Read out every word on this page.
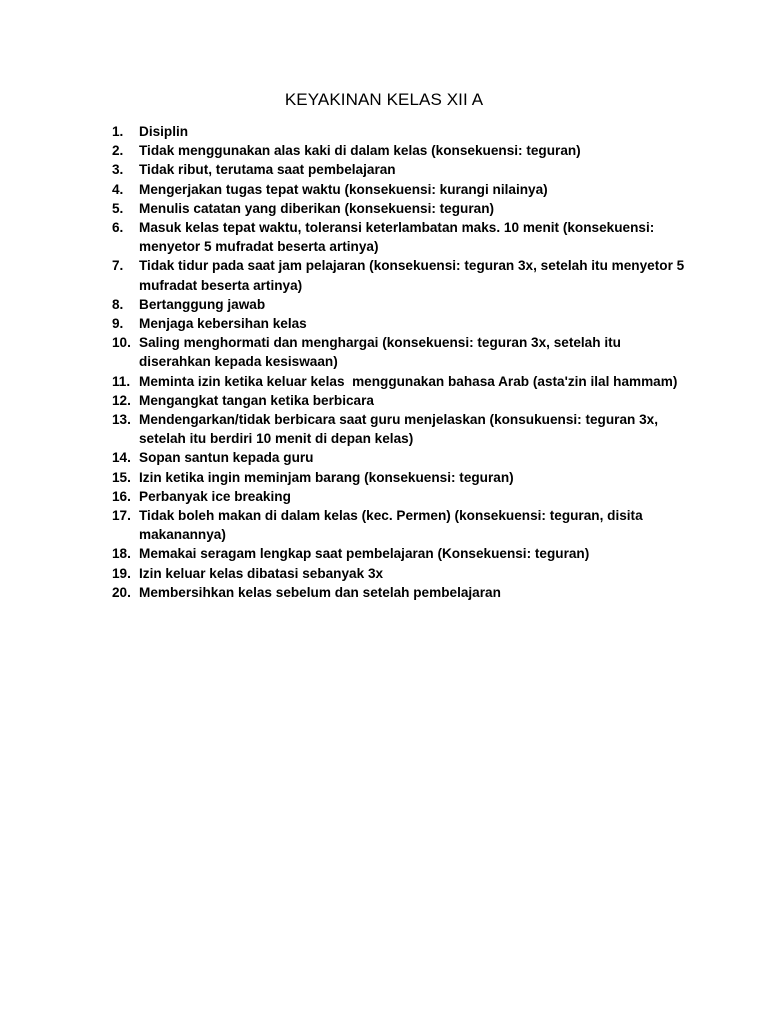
KEYAKINAN KELAS XII A
1.	Disiplin
2.	Tidak menggunakan alas kaki di dalam kelas (konsekuensi: teguran)
3.	Tidak ribut, terutama saat pembelajaran
4.	Mengerjakan tugas tepat waktu (konsekuensi: kurangi nilainya)
5.	Menulis catatan yang diberikan (konsekuensi: teguran)
6.	Masuk kelas tepat waktu, toleransi keterlambatan maks. 10 menit (konsekuensi: menyetor 5 mufradat beserta artinya)
7.	Tidak tidur pada saat jam pelajaran (konsekuensi: teguran 3x, setelah itu menyetor 5 mufradat beserta artinya)
8.	Bertanggung jawab
9.	Menjaga kebersihan kelas
10. Saling menghormati dan menghargai (konsekuensi: teguran 3x, setelah itu diserahkan kepada kesiswaan)
11. Meminta izin ketika keluar kelas  menggunakan bahasa Arab (asta'zin ilal hammam)
12. Mengangkat tangan ketika berbicara
13. Mendengarkan/tidak berbicara saat guru menjelaskan (konsukuensi: teguran 3x, setelah itu berdiri 10 menit di depan kelas)
14. Sopan santun kepada guru
15. Izin ketika ingin meminjam barang (konsekuensi: teguran)
16. Perbanyak ice breaking
17. Tidak boleh makan di dalam kelas (kec. Permen) (konsekuensi: teguran, disita makanannya)
18. Memakai seragam lengkap saat pembelajaran (Konsekuensi: teguran)
19. Izin keluar kelas dibatasi sebanyak 3x
20. Membersihkan kelas sebelum dan setelah pembelajaran
